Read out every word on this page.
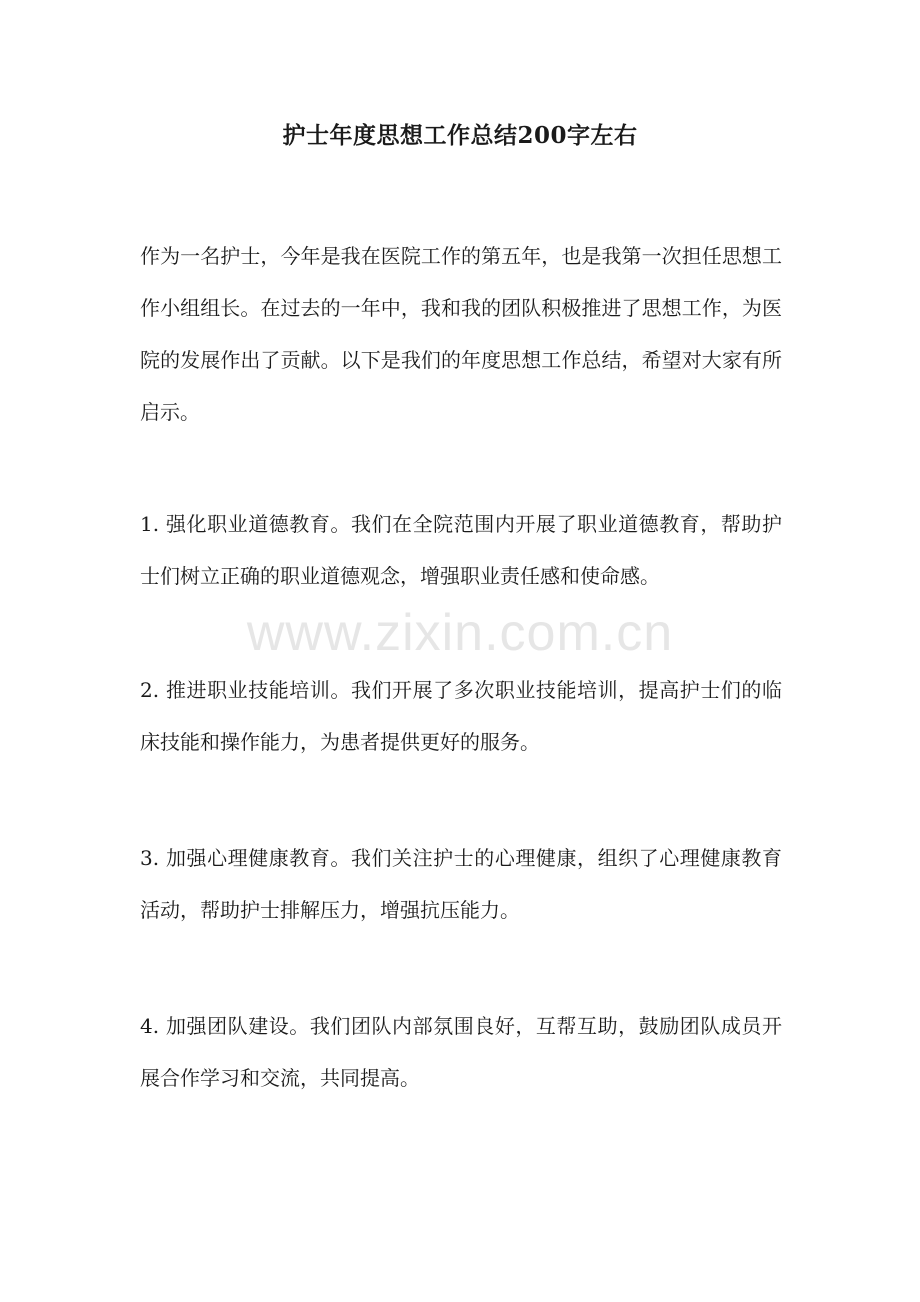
护士年度思想工作总结200字左右

作为一名护士，今年是我在医院工作的第五年，也是我第一次担任思想工作小组组长。在过去的一年中，我和我的团队积极推进了思想工作，为医院的发展作出了贡献。以下是我们的年度思想工作总结，希望对大家有所启示。

1. 强化职业道德教育。我们在全院范围内开展了职业道德教育，帮助护士们树立正确的职业道德观念，增强职业责任感和使命感。

www.zixin.com.cn

2. 推进职业技能培训。我们开展了多次职业技能培训，提高护士们的临床技能和操作能力，为患者提供更好的服务。

3. 加强心理健康教育。我们关注护士的心理健康，组织了心理健康教育活动，帮助护士排解压力，增强抗压能力。

4. 加强团队建设。我们团队内部氛围良好，互帮互助，鼓励团队成员开展合作学习和交流，共同提高。
